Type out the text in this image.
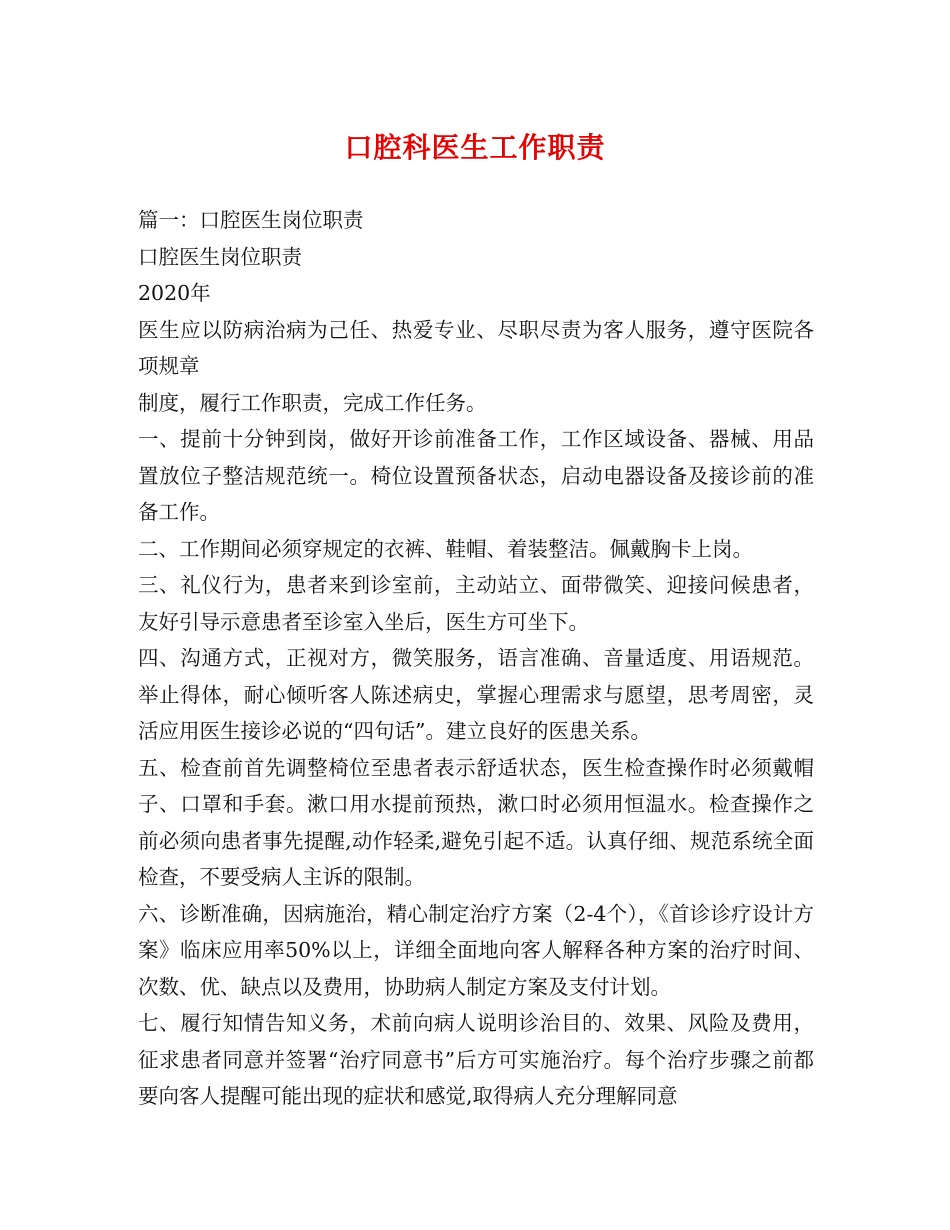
口腔科医生工作职责

篇一：口腔医生岗位职责

口腔医生岗位职责

2020年

医生应以防病治病为己任、热爱专业、尽职尽责为客人服务，遵守医院各项规章

制度，履行工作职责，完成工作任务。

一、提前十分钟到岗，做好开诊前准备工作，工作区域设备、器械、用品置放位子整洁规范统一。椅位设置预备状态，启动电器设备及接诊前的准备工作。

二、工作期间必须穿规定的衣裤、鞋帽、着装整洁。佩戴胸卡上岗。

三、礼仪行为，患者来到诊室前，主动站立、面带微笑、迎接问候患者，友好引导示意患者至诊室入坐后，医生方可坐下。

四、沟通方式，正视对方，微笑服务，语言准确、音量适度、用语规范。举止得体，耐心倾听客人陈述病史，掌握心理需求与愿望，思考周密，灵活应用医生接诊必说的“四句话”。建立良好的医患关系。

五、检查前首先调整椅位至患者表示舒适状态，医生检查操作时必须戴帽子、口罩和手套。漱口用水提前预热，漱口时必须用恒温水。检查操作之前必须向患者事先提醒,动作轻柔,避免引起不适。认真仔细、规范系统全面检查，不要受病人主诉的限制。

六、诊断准确，因病施治，精心制定治疗方案（2-4个），《首诊诊疗设计方案》临床应用率50%以上，详细全面地向客人解释各种方案的治疗时间、次数、优、缺点以及费用，协助病人制定方案及支付计划。

七、履行知情告知义务，术前向病人说明诊治目的、效果、风险及费用，征求患者同意并签署“治疗同意书”后方可实施治疗。每个治疗步骤之前都要向客人提醒可能出现的症状和感觉,取得病人充分理解同意
